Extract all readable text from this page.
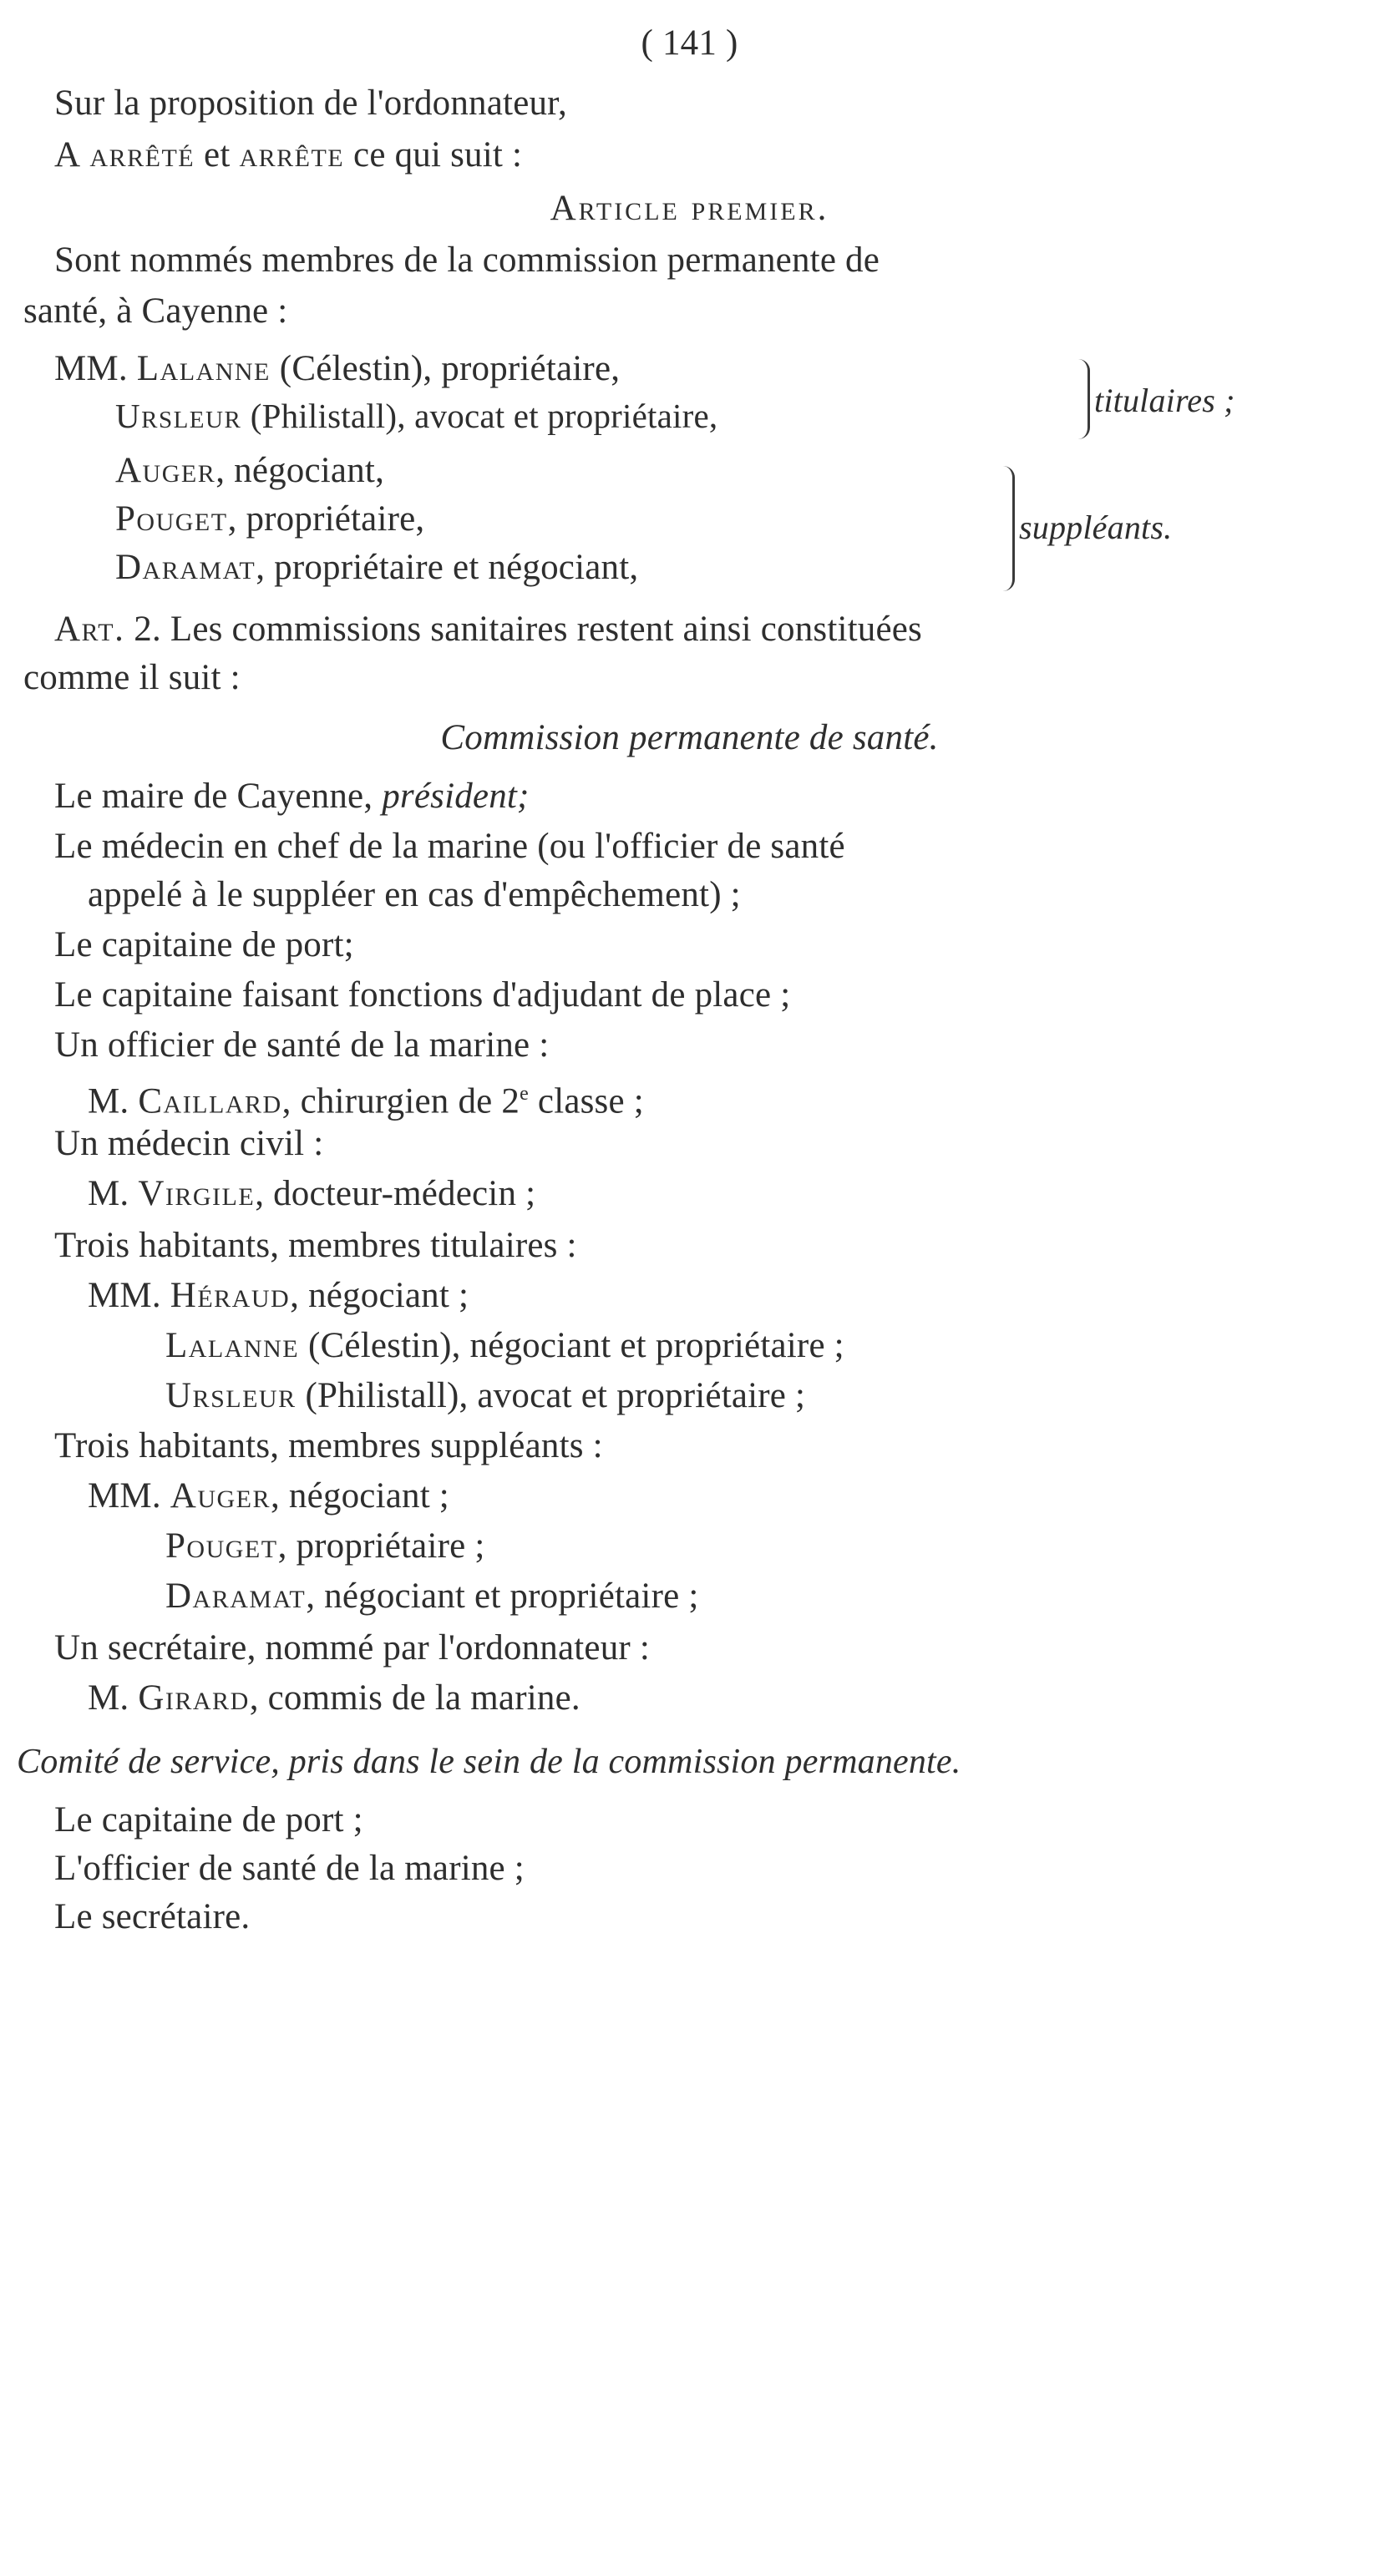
( 141 )
Sur la proposition de l'ordonnateur,
A arrêté et arrête ce qui suit :
Article premier.
Sont nommés membres de la commission permanente de
santé, à Cayenne :
MM. Lalanne (Célestin), propriétaire,
Ursleur (Philistall), avocat et propriétaire,	titulaires ;
Auger, négociant,
Pouget, propriétaire,
Daramat, propriétaire et négociant,
suppléants.
Art. 2. Les commissions sanitaires restent ainsi constituées
comme il suit :
Commission permanente de santé.
Le maire de Cayenne, président;
Le médecin en chef de la marine (ou l'officier de santé
appelé à le suppléer en cas d'empêchement) ;
Le capitaine de port;
Le capitaine faisant fonctions d'adjudant de place ;
Un officier de santé de la marine :
M. Caillard, chirurgien de 2e classe ;
Un médecin civil :
M. Virgile, docteur-médecin ;
Trois habitants, membres titulaires :
MM. Héraud, négociant ;
Lalanne (Célestin), négociant et propriétaire ;
Ursleur (Philistall), avocat et propriétaire ;
Trois habitants, membres suppléants :
MM. Auger, négociant ;
Pouget, propriétaire ;
Daramat, négociant et propriétaire ;
Un secrétaire, nommé par l'ordonnateur :
M. Girard, commis de la marine.
Comité de service, pris dans le sein de la commission permanente.
Le capitaine de port ;
L'officier de santé de la marine ;
Le secrétaire.
